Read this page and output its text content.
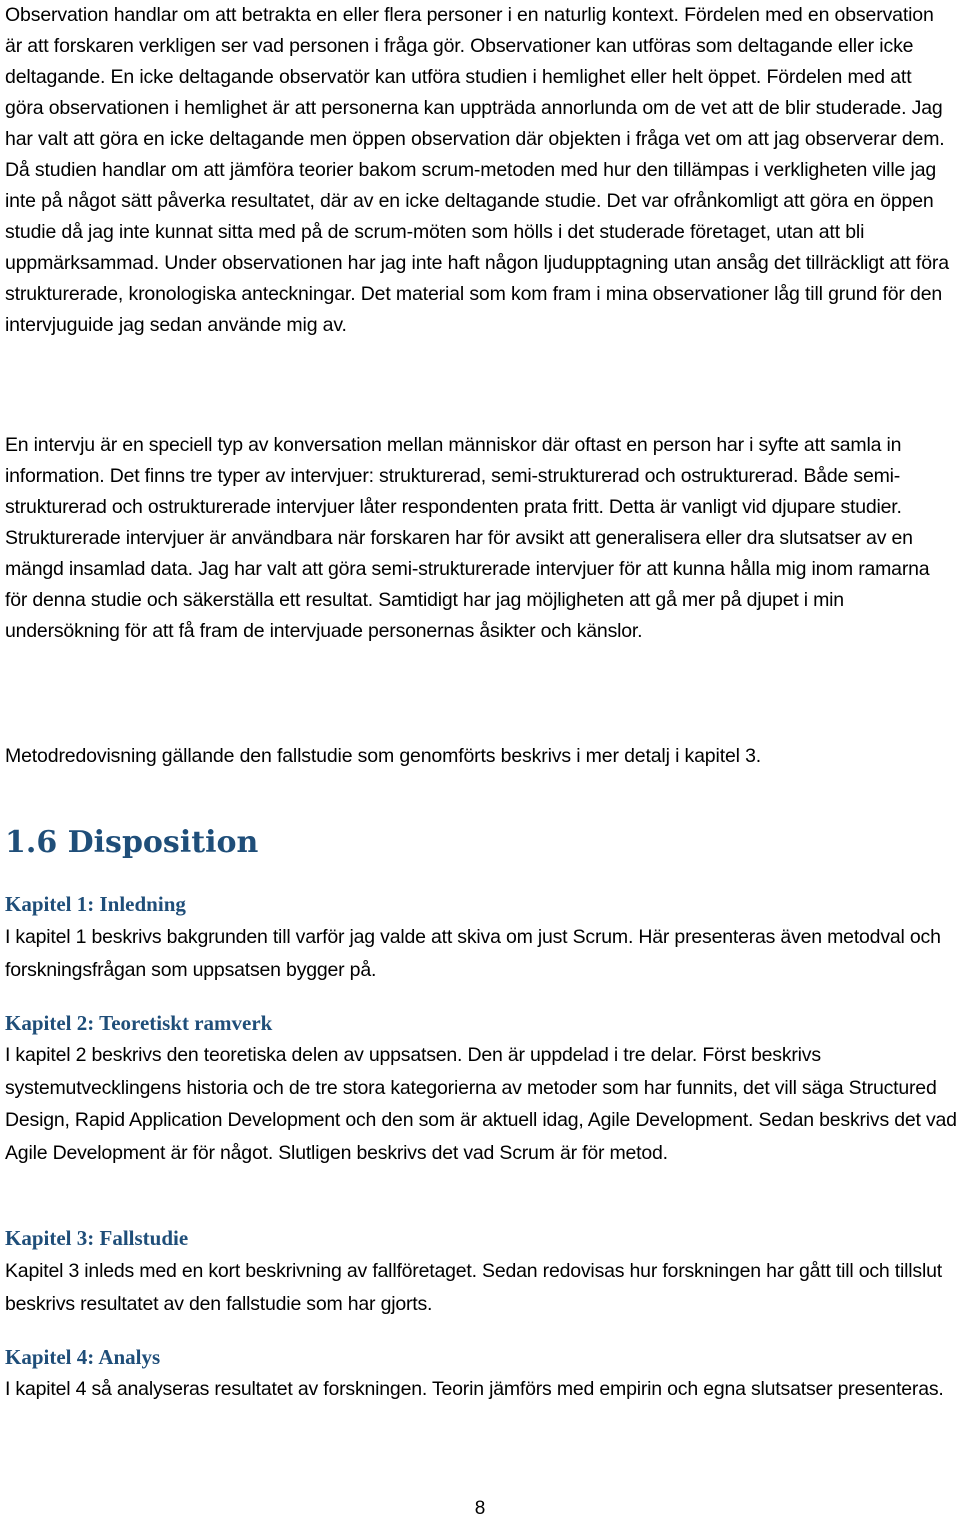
Observation handlar om att betrakta en eller flera personer i en naturlig kontext. Fördelen med en observation är att forskaren verkligen ser vad personen i fråga gör. Observationer kan utföras som deltagande eller icke deltagande. En icke deltagande observatör kan utföra studien i hemlighet eller helt öppet. Fördelen med att göra observationen i hemlighet är att personerna kan uppträda annorlunda om de vet att de blir studerade. Jag har valt att göra en icke deltagande men öppen observation där objekten i fråga vet om att jag observerar dem. Då studien handlar om att jämföra teorier bakom scrum-metoden med hur den tillämpas i verkligheten ville jag inte på något sätt påverka resultatet, där av en icke deltagande studie. Det var ofrånkomligt att göra en öppen studie då jag inte kunnat sitta med på de scrum-möten som hölls i det studerade företaget, utan att bli uppmärksammad. Under observationen har jag inte haft någon ljudupptagning utan ansåg det tillräckligt att föra strukturerade, kronologiska anteckningar. Det material som kom fram i mina observationer låg till grund för den intervjuguide jag sedan använde mig av.

En intervju är en speciell typ av konversation mellan människor där oftast en person har i syfte att samla in information. Det finns tre typer av intervjuer: strukturerad, semi-strukturerad och ostrukturerad. Både semi-strukturerad och ostrukturerade intervjuer låter respondenten prata fritt. Detta är vanligt vid djupare studier. Strukturerade intervjuer är användbara när forskaren har för avsikt att generalisera eller dra slutsatser av en mängd insamlad data. Jag har valt att göra semi-strukturerade intervjuer för att kunna hålla mig inom ramarna för denna studie och säkerställa ett resultat. Samtidigt har jag möjligheten att gå mer på djupet i min undersökning för att få fram de intervjuade personernas åsikter och känslor.

Metodredovisning gällande den fallstudie som genomförts beskrivs i mer detalj i kapitel 3.

1.6 Disposition
Kapitel 1: Inledning

I kapitel 1 beskrivs bakgrunden till varför jag valde att skiva om just Scrum. Här presenteras även metodval och forskningsfrågan som uppsatsen bygger på.

Kapitel 2: Teoretiskt ramverk

I kapitel 2 beskrivs den teoretiska delen av uppsatsen. Den är uppdelad i tre delar. Först beskrivs systemutvecklingens historia och de tre stora kategorierna av metoder som har funnits, det vill säga Structured Design, Rapid Application Development och den som är aktuell idag, Agile Development. Sedan beskrivs det vad Agile Development är för något. Slutligen beskrivs det vad Scrum är för metod.

Kapitel 3: Fallstudie

Kapitel 3 inleds med en kort beskrivning av fallföretaget. Sedan redovisas hur forskningen har gått till och tillslut beskrivs resultatet av den fallstudie som har gjorts.

Kapitel 4: Analys

I kapitel 4 så analyseras resultatet av forskningen. Teorin jämförs med empirin och egna slutsatser presenteras.

8
